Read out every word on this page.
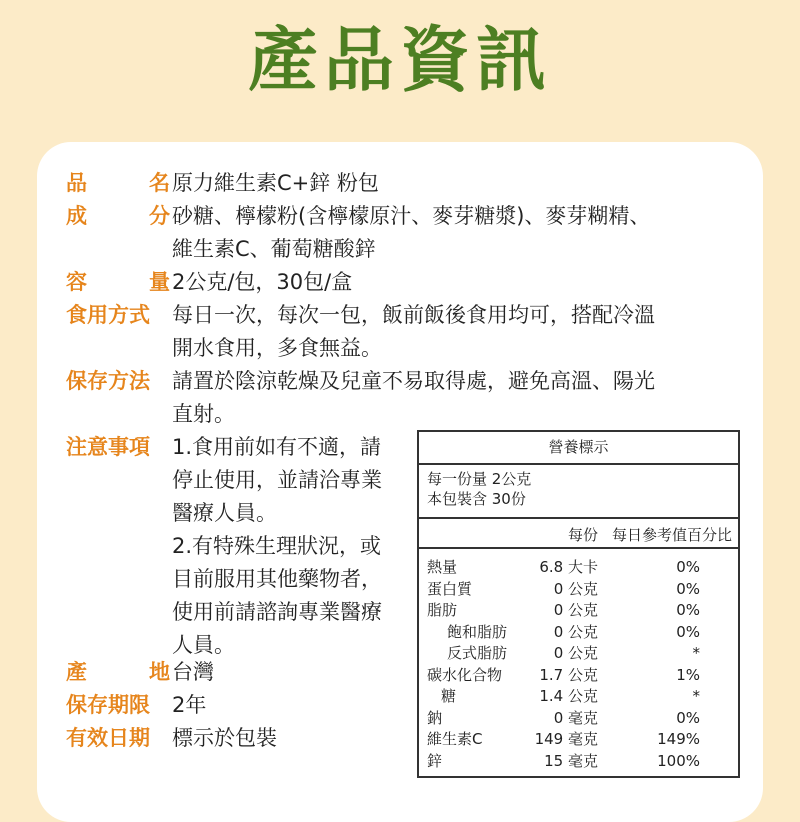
產品資訊
品	名 原力維生素C+鋅 粉包
成	分 砂糖、檸檬粉(含檸檬原汁、麥芽糖漿)、麥芽糊精、
維生素C、葡萄糖酸鋅
容	量 2公克/包，30包/盒
食用方式	每日一次，每次一包，飯前飯後食用均可，搭配冷溫
開水食用，多食無益。
保存方法	請置於陰涼乾燥及兒童不易取得處，避免高溫、陽光
直射。
注意事項	1.食用前如有不適，請
停止使用，並請洽專業
醫療人員。
2.有特殊生理狀況，或
目前服用其他藥物者，
使用前請諮詢專業醫療
人員。
產	地 台灣
保存期限	2年
有效日期	標示於包裝
營養標示
每一份量 2公克
本包裝含 30份
每份 每日參考值百分比
熱量	6.8 大卡	0%
蛋白質	0 公克	0%
脂肪	0 公克	0%
飽和脂肪	0 公克	0%
反式脂肪	0 公克	*
碳水化合物 1.7 公克	1%
糖	1.4 公克	*
鈉	0 毫克	0%
維生素C	149 毫克	149%
鋅	15 毫克	100%
